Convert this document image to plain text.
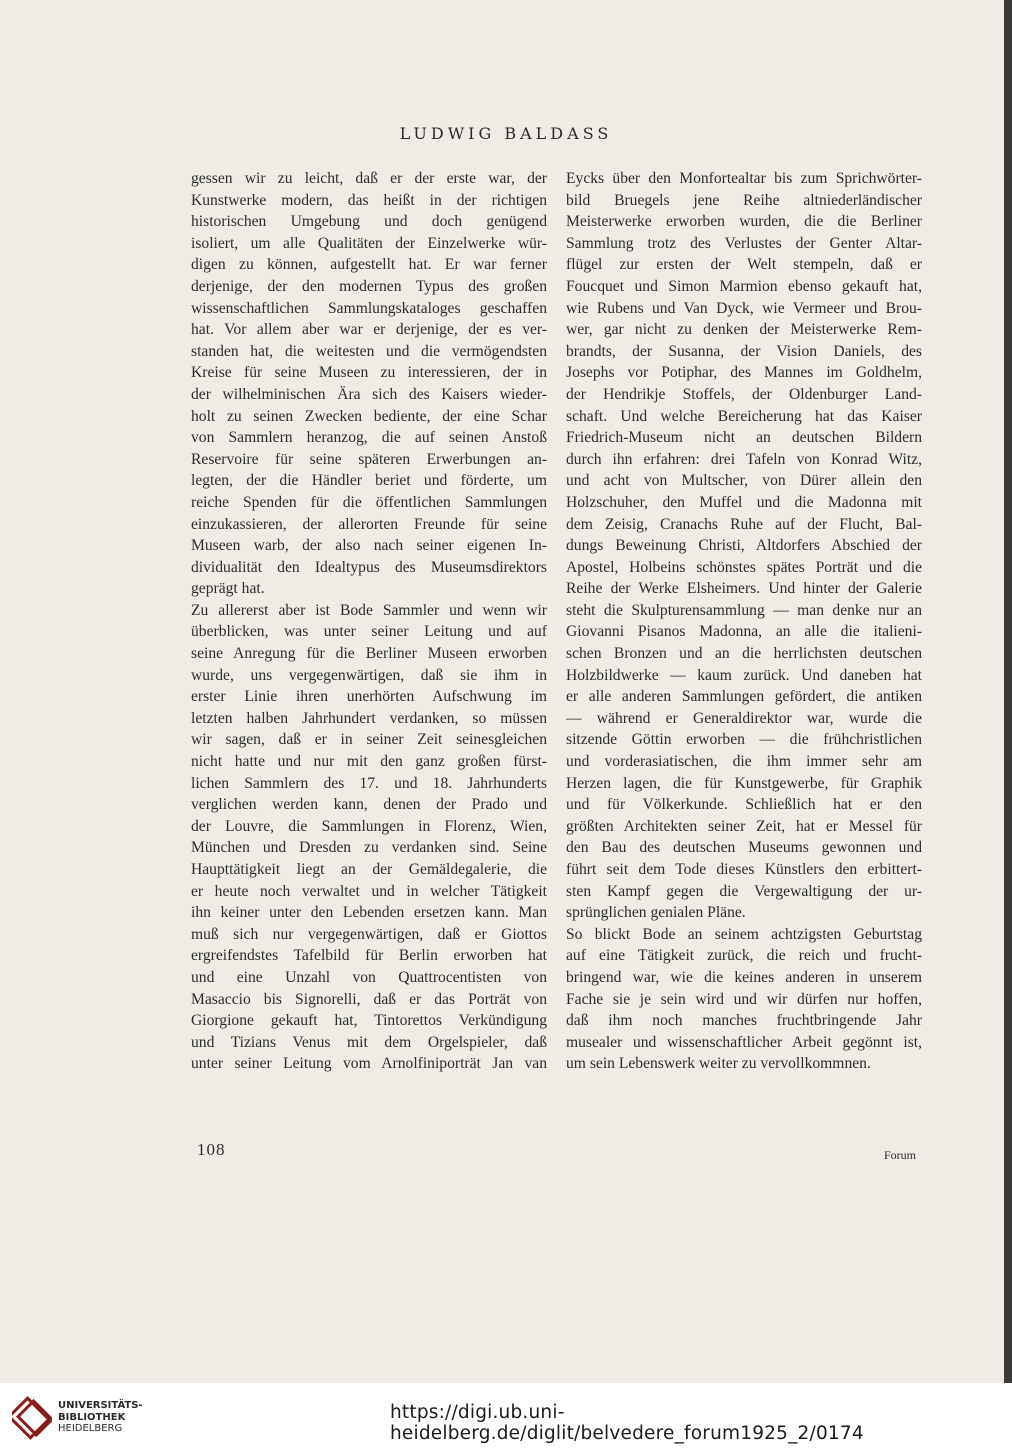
LUDWIG BALDASS
gessen wir zu leicht, daß er der erste war, der
Kunstwerke modern, das heißt in der richtigen
historischen Umgebung und doch genügend
isoliert, um alle Qualitäten der Einzelwerke wür-
digen zu können, aufgestellt hat. Er war ferner
derjenige, der den modernen Typus des großen
wissenschaftlichen Sammlungskataloges geschaffen
hat. Vor allem aber war er derjenige, der es ver-
standen hat, die weitesten und die vermögendsten
Kreise für seine Museen zu interessieren, der in
der wilhelminischen Ära sich des Kaisers wieder-
holt zu seinen Zwecken bediente, der eine Schar
von Sammlern heranzog, die auf seinen Anstoß
Reservoire für seine späteren Erwerbungen an-
legten, der die Händler beriet und förderte, um
reiche Spenden für die öffentlichen Sammlungen
einzukassieren, der allerorten Freunde für seine
Museen warb, der also nach seiner eigenen In-
dividualität den Idealtypus des Museumsdirektors
geprägt hat.
Zu allererst aber ist Bode Sammler und wenn wir
überblicken, was unter seiner Leitung und auf
seine Anregung für die Berliner Museen erworben
wurde, uns vergegenwärtigen, daß sie ihm in
erster Linie ihren unerhörten Aufschwung im
letzten halben Jahrhundert verdanken, so müssen
wir sagen, daß er in seiner Zeit seinesgleichen
nicht hatte und nur mit den ganz großen fürst-
lichen Sammlern des 17. und 18. Jahrhunderts
verglichen werden kann, denen der Prado und
der Louvre, die Sammlungen in Florenz, Wien,
München und Dresden zu verdanken sind. Seine
Haupttätigkeit liegt an der Gemäldegalerie, die
er heute noch verwaltet und in welcher Tätigkeit
ihn keiner unter den Lebenden ersetzen kann. Man
muß sich nur vergegenwärtigen, daß er Giottos
ergreifendstes Tafelbild für Berlin erworben hat
und eine Unzahl von Quattrocentisten von
Masaccio bis Signorelli, daß er das Porträt von
Giorgione gekauft hat, Tintorettos Verkündigung
und Tizians Venus mit dem Orgelspieler, daß
unter seiner Leitung vom Arnolfiniporträt Jan van
Eycks über den Monfortealtar bis zum Sprichwörter-
bild Bruegels jene Reihe altniederländischer
Meisterwerke erworben wurden, die die Berliner
Sammlung trotz des Verlustes der Genter Altar-
flügel zur ersten der Welt stempeln, daß er
Foucquet und Simon Marmion ebenso gekauft hat,
wie Rubens und Van Dyck, wie Vermeer und Brou-
wer, gar nicht zu denken der Meisterwerke Rem-
brandts, der Susanna, der Vision Daniels, des
Josephs vor Potiphar, des Mannes im Goldhelm,
der Hendrikje Stoffels, der Oldenburger Land-
schaft. Und welche Bereicherung hat das Kaiser
Friedrich-Museum nicht an deutschen Bildern
durch ihn erfahren: drei Tafeln von Konrad Witz,
und acht von Multscher, von Dürer allein den
Holzschuher, den Muffel und die Madonna mit
dem Zeisig, Cranachs Ruhe auf der Flucht, Bal-
dungs Beweinung Christi, Altdorfers Abschied der
Apostel, Holbeins schönstes spätes Porträt und die
Reihe der Werke Elsheimers. Und hinter der Galerie
steht die Skulpturensammlung — man denke nur an
Giovanni Pisanos Madonna, an alle die italieni-
schen Bronzen und an die herrlichsten deutschen
Holzbildwerke — kaum zurück. Und daneben hat
er alle anderen Sammlungen gefördert, die antiken
— während er Generaldirektor war, wurde die
sitzende Göttin erworben — die frühchristlichen
und vorderasiatischen, die ihm immer sehr am
Herzen lagen, die für Kunstgewerbe, für Graphik
und für Völkerkunde. Schließlich hat er den
größten Architekten seiner Zeit, hat er Messel für
den Bau des deutschen Museums gewonnen und
führt seit dem Tode dieses Künstlers den erbittert-
sten Kampf gegen die Vergewaltigung der ur-
sprünglichen genialen Pläne.
So blickt Bode an seinem achtzigsten Geburtstag
auf eine Tätigkeit zurück, die reich und frucht-
bringend war, wie die keines anderen in unserem
Fache sie je sein wird und wir dürfen nur hoffen,
daß ihm noch manches fruchtbringende Jahr
musealer und wissenschaftlicher Arbeit gegönnt ist,
um sein Lebenswerk weiter zu vervollkommnen.
108	Forum
UNIVERSITÄTS-
BIBLIOTHEK
HEIDELBERG
https://digi.ub.uni-heidelberg.de/diglit/belvedere_forum1925_2/0174
